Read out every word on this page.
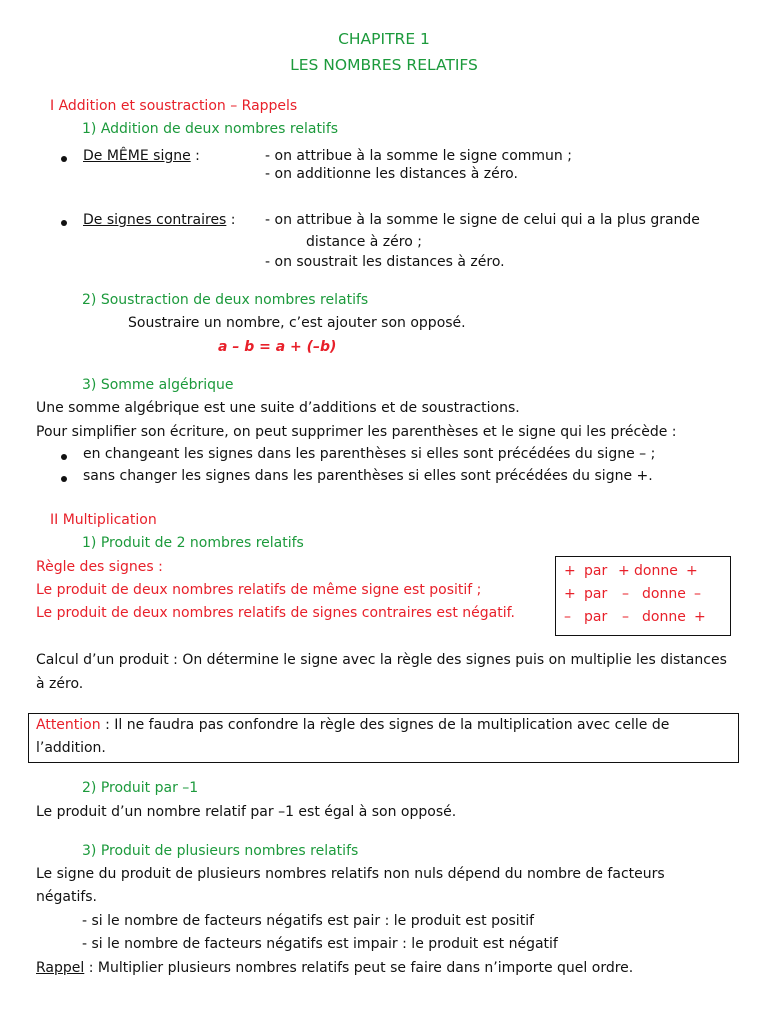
CHAPITRE 1
LES NOMBRES RELATIFS
I Addition et soustraction – Rappels
1) Addition de deux nombres relatifs
De MÊME signe :	- on attribue à la somme le signe commun ;
- on additionne les distances à zéro.
De signes contraires : - on attribue à la somme le signe de celui qui a la plus grande
distance à zéro ;
- on soustrait les distances à zéro.
2) Soustraction de deux nombres relatifs
Soustraire un nombre, c’est ajouter son opposé.
a – b = a + (–b)
3) Somme algébrique
Une somme algébrique est une suite d’additions et de soustractions.
Pour simplifier son écriture, on peut supprimer les parenthèses et le signe qui les précède :
en changeant les signes dans les parenthèses si elles sont précédées du signe – ;
sans changer les signes dans les parenthèses si elles sont précédées du signe +.
II Multiplication
1) Produit de 2 nombres relatifs
Règle des signes :
Le produit de deux nombres relatifs de même signe est positif ;
Le produit de deux nombres relatifs de signes contraires est négatif.
+ par + donne +
+ par – donne –
– par – donne +
Calcul d’un produit : On détermine le signe avec la règle des signes puis on multiplie les distances
à zéro.
Attention : Il ne faudra pas confondre la règle des signes de la multiplication avec celle de
l’addition.
2) Produit par –1
Le produit d’un nombre relatif par –1 est égal à son opposé.
3) Produit de plusieurs nombres relatifs
Le signe du produit de plusieurs nombres relatifs non nuls dépend du nombre de facteurs
négatifs.
- si le nombre de facteurs négatifs est pair : le produit est positif
- si le nombre de facteurs négatifs est impair : le produit est négatif
Rappel : Multiplier plusieurs nombres relatifs peut se faire dans n’importe quel ordre.
